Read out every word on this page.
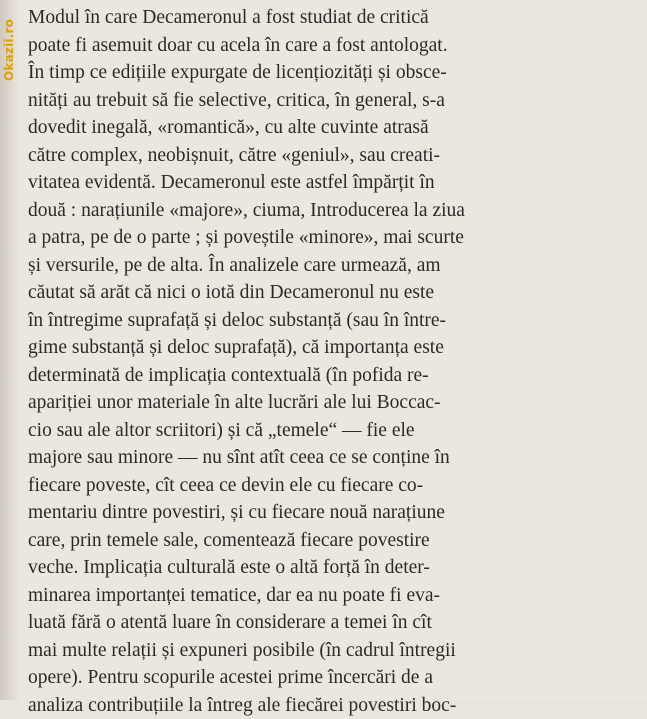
Okazii.ro
Modul în care Decameronul a fost studiat de critică
poate fi asemuit doar cu acela în care a fost antologat.
În timp ce edițiile expurgate de licențiozități și obsce-
nități au trebuit să fie selective, critica, în general, s-a
dovedit inegală, «romantică», cu alte cuvinte atrasă
către complex, neobișnuit, către «geniul», sau creati-
vitatea evidentă. Decameronul este astfel împărțit în
două : narațiunile «majore», ciuma, Introducerea la ziua
a patra, pe de o parte ; și poveștile «minore», mai scurte
și versurile, pe de alta. În analizele care urmează, am
căutat să arăt că nici o iotă din Decameronul nu este
în întregime suprafață și deloc substanță (sau în între-
gime substanță și deloc suprafață), că importanța este
determinată de implicația contextuală (în pofida re-
apariției unor materiale în alte lucrări ale lui Boccac-
cio sau ale altor scriitori) și că „temele“ — fie ele
majore sau minore — nu sînt atît ceea ce se conține în
fiecare poveste, cît ceea ce devin ele cu fiecare co-
mentariu dintre povestiri, și cu fiecare nouă narațiune
care, prin temele sale, comentează fiecare povestire
veche. Implicația culturală este o altă forță în deter-
minarea importanței tematice, dar ea nu poate fi eva-
luată fără o atentă luare în considerare a temei în cît
mai multe relații și expuneri posibile (în cadrul întregii
opere). Pentru scopurile acestei prime încercări de a
analiza contribuțiile la întreg ale fiecărei povestiri boc-
